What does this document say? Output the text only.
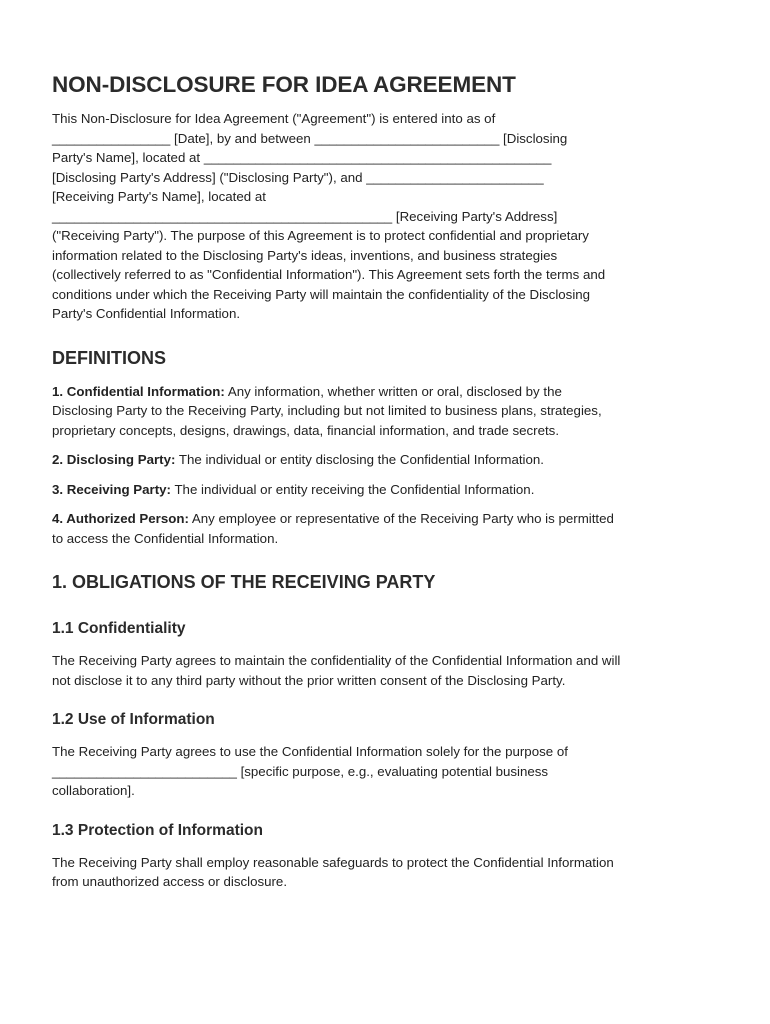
NON-DISCLOSURE FOR IDEA AGREEMENT
This Non-Disclosure for Idea Agreement ("Agreement") is entered into as of
________________ [Date], by and between _________________________ [Disclosing
Party's Name], located at _______________________________________________
[Disclosing Party's Address] ("Disclosing Party"), and ________________________
[Receiving Party's Name], located at
______________________________________________ [Receiving Party's Address]
("Receiving Party"). The purpose of this Agreement is to protect confidential and proprietary
information related to the Disclosing Party's ideas, inventions, and business strategies
(collectively referred to as "Confidential Information"). This Agreement sets forth the terms and
conditions under which the Receiving Party will maintain the confidentiality of the Disclosing
Party's Confidential Information.
DEFINITIONS
1. Confidential Information: Any information, whether written or oral, disclosed by the
Disclosing Party to the Receiving Party, including but not limited to business plans, strategies,
proprietary concepts, designs, drawings, data, financial information, and trade secrets.
2. Disclosing Party: The individual or entity disclosing the Confidential Information.
3. Receiving Party: The individual or entity receiving the Confidential Information.
4. Authorized Person: Any employee or representative of the Receiving Party who is permitted
to access the Confidential Information.
1. OBLIGATIONS OF THE RECEIVING PARTY
1.1 Confidentiality
The Receiving Party agrees to maintain the confidentiality of the Confidential Information and will
not disclose it to any third party without the prior written consent of the Disclosing Party.
1.2 Use of Information
The Receiving Party agrees to use the Confidential Information solely for the purpose of
_________________________ [specific purpose, e.g., evaluating potential business
collaboration].
1.3 Protection of Information
The Receiving Party shall employ reasonable safeguards to protect the Confidential Information
from unauthorized access or disclosure.
